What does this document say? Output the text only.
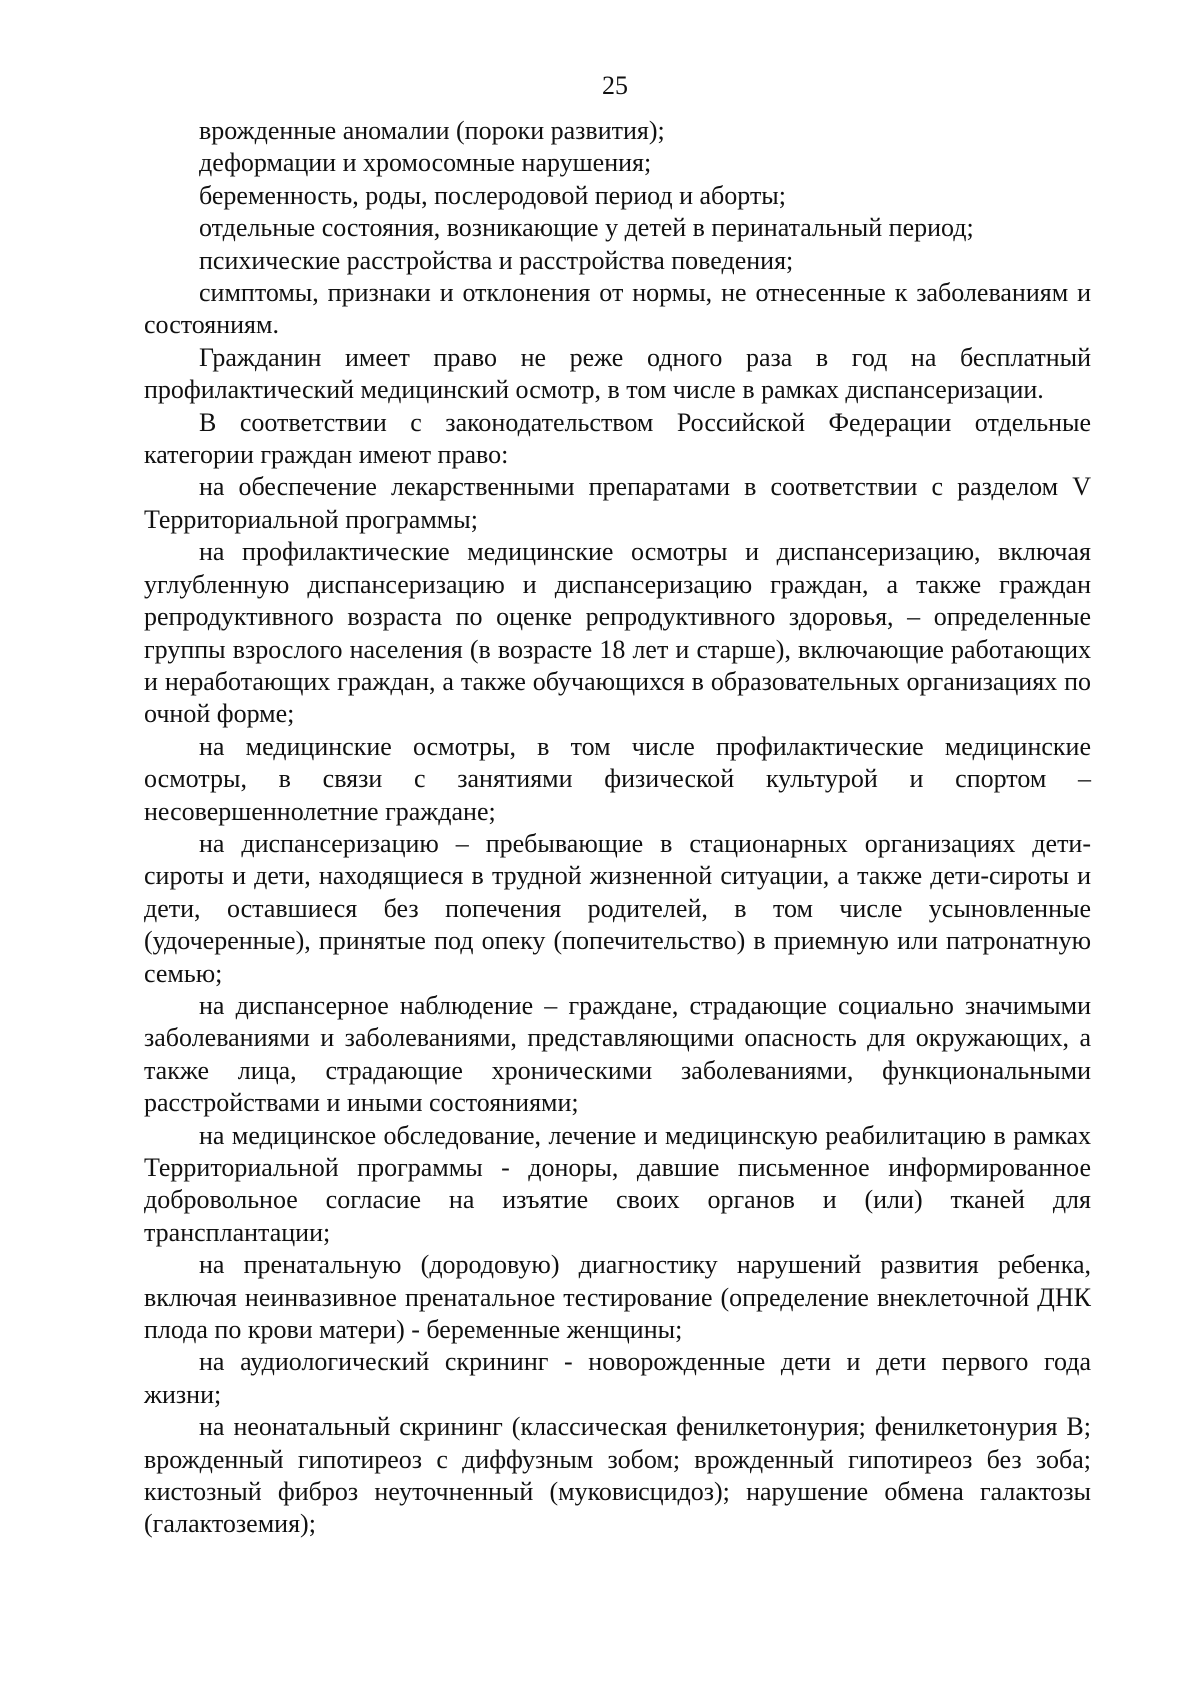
25

врожденные аномалии (пороки развития);

деформации и хромосомные нарушения;

беременность, роды, послеродовой период и аборты;

отдельные состояния, возникающие у детей в перинатальный период;

психические расстройства и расстройства поведения;

симптомы, признаки и отклонения от нормы, не отнесенные к заболеваниям и состояниям.

Гражданин имеет право не реже одного раза в год на бесплатный профилактический медицинский осмотр, в том числе в рамках диспансеризации.

В соответствии с законодательством Российской Федерации отдельные категории граждан имеют право:

на обеспечение лекарственными препаратами в соответствии с разделом V Территориальной программы;

на профилактические медицинские осмотры и диспансеризацию, включая углубленную диспансеризацию и диспансеризацию граждан, а также граждан репродуктивного возраста по оценке репродуктивного здоровья, – определенные группы взрослого населения (в возрасте 18 лет и старше), включающие работающих и неработающих граждан, а также обучающихся в образовательных организациях по очной форме;

на медицинские осмотры, в том числе профилактические медицинские осмотры, в связи с занятиями физической культурой и спортом – несовершеннолетние граждане;

на диспансеризацию – пребывающие в стационарных организациях дети-сироты и дети, находящиеся в трудной жизненной ситуации, а также дети-сироты и дети, оставшиеся без попечения родителей, в том числе усыновленные (удочеренные), принятые под опеку (попечительство) в приемную или патронатную семью;

на диспансерное наблюдение – граждане, страдающие социально значимыми заболеваниями и заболеваниями, представляющими опасность для окружающих, а также лица, страдающие хроническими заболеваниями, функциональными расстройствами и иными состояниями;

на медицинское обследование, лечение и медицинскую реабилитацию в рамках Территориальной программы - доноры, давшие письменное информированное добровольное согласие на изъятие своих органов и (или) тканей для трансплантации;

на пренатальную (дородовую) диагностику нарушений развития ребенка, включая неинвазивное пренатальное тестирование (определение внеклеточной ДНК плода по крови матери) - беременные женщины;

на аудиологический скрининг - новорожденные дети и дети первого года жизни;

на неонатальный скрининг (классическая фенилкетонурия; фенилкетонурия В; врожденный гипотиреоз с диффузным зобом; врожденный гипотиреоз без зоба; кистозный фиброз неуточненный (муковисцидоз); нарушение обмена галактозы (галактоземия);
